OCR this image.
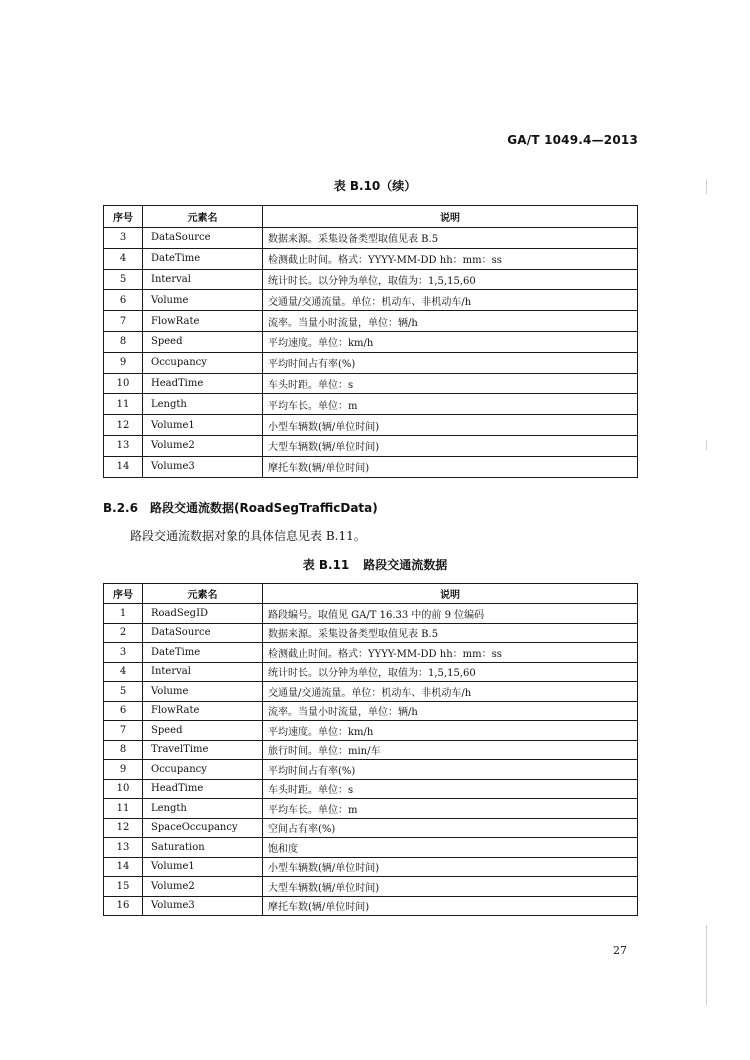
GA/T 1049.4—2013
表 B.10（续）
序号	元素名	说明
3	DataSource	数据来源。采集设备类型取值见表 B.5
4	DateTime	检测截止时间。格式：YYYY-MM-DD hh：mm：ss
5	Interval	统计时长。以分钟为单位，取值为：1,5,15,60
6	Volume	交通量/交通流量。单位：机动车、非机动车/h
7	FlowRate	流率。当量小时流量，单位：辆/h
8	Speed	平均速度。单位：km/h
9	Occupancy	平均时间占有率(%)
10	HeadTime	车头时距。单位：s
11	Length	平均车长。单位：m
12	Volume1	小型车辆数(辆/单位时间)
13	Volume2	大型车辆数(辆/单位时间)
14	Volume3	摩托车数(辆/单位时间)
B.2.6 路段交通流数据(RoadSegTrafficData)
路段交通流数据对象的具体信息见表 B.11。
表 B.11 路段交通流数据
序号	元素名	说明
1	RoadSegID	路段编号。取值见 GA/T 16.33 中的前 9 位编码
2	DataSource	数据来源。采集设备类型取值见表 B.5
3	DateTime	检测截止时间。格式：YYYY-MM-DD hh：mm：ss
4	Interval	统计时长。以分钟为单位，取值为：1,5,15,60
5	Volume	交通量/交通流量。单位：机动车、非机动车/h
6	FlowRate	流率。当量小时流量，单位：辆/h
7	Speed	平均速度。单位：km/h
8	TravelTime	旅行时间。单位：min/车
9	Occupancy	平均时间占有率(%)
10	HeadTime	车头时距。单位：s
11	Length	平均车长。单位：m
12	SpaceOccupancy	空间占有率(%)
13	Saturation	饱和度
14	Volume1	小型车辆数(辆/单位时间)
15	Volume2	大型车辆数(辆/单位时间)
16	Volume3	摩托车数(辆/单位时间)
27
